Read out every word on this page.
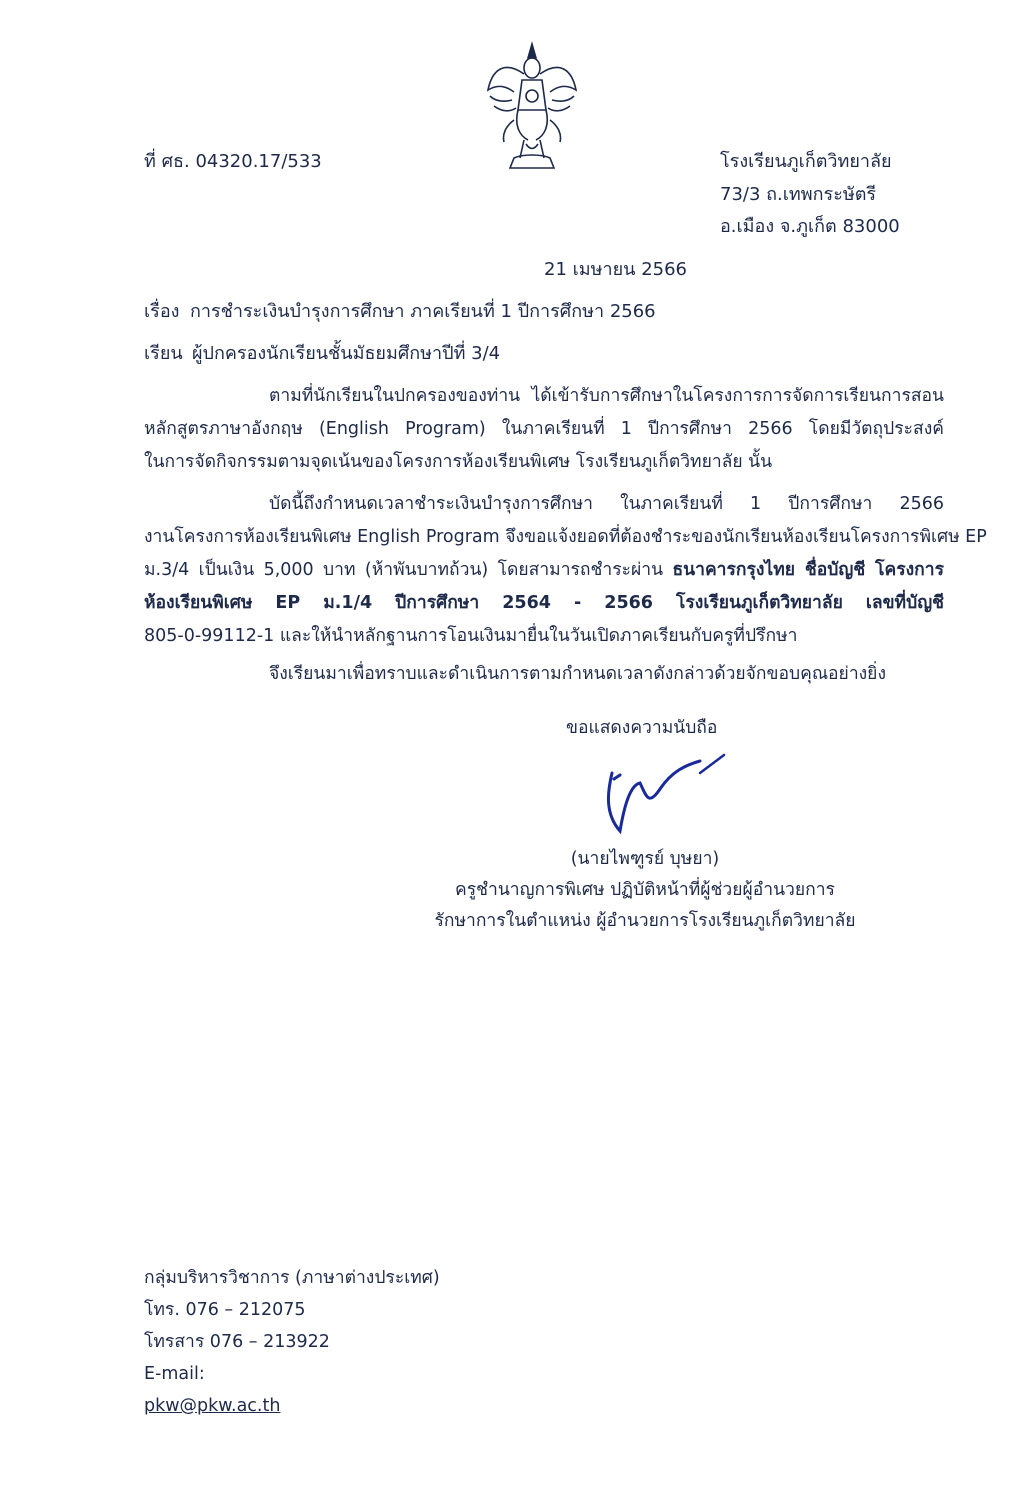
ที่ ศธ. 04320.17/533	โรงเรียนภูเก็ตวิทยาลัย
73/3 ถ.เทพกระษัตรี
อ.เมือง จ.ภูเก็ต 83000
21 เมษายน 2566
เรื่อง การชำระเงินบำรุงการศึกษา ภาคเรียนที่ 1 ปีการศึกษา 2566
เรียน ผู้ปกครองนักเรียนชั้นมัธยมศึกษาปีที่ 3/4
ตามที่นักเรียนในปกครองของท่าน ได้เข้ารับการศึกษาในโครงการการจัดการเรียนการสอน
หลักสูตรภาษาอังกฤษ (English Program) ในภาคเรียนที่ 1 ปีการศึกษา 2566 โดยมีวัตถุประสงค์
ในการจัดกิจกรรมตามจุดเน้นของโครงการห้องเรียนพิเศษ โรงเรียนภูเก็ตวิทยาลัย นั้น
บัดนี้ถึงกำหนดเวลาชำระเงินบำรุงการศึกษา ในภาคเรียนที่ 1 ปีการศึกษา 2566
งานโครงการห้องเรียนพิเศษ English Program จึงขอแจ้งยอดที่ต้องชำระของนักเรียนห้องเรียนโครงการพิเศษ EP
ม.3/4 เป็นเงิน 5,000 บาท (ห้าพันบาทถ้วน) โดยสามารถชำระผ่าน ธนาคารกรุงไทย ชื่อบัญชี โครงการ
ห้องเรียนพิเศษ EP ม.1/4 ปีการศึกษา 2564 - 2566 โรงเรียนภูเก็ตวิทยาลัย เลขที่บัญชี
805-0-99112-1 และให้นำหลักฐานการโอนเงินมายื่นในวันเปิดภาคเรียนกับครูที่ปรึกษา
จึงเรียนมาเพื่อทราบและดำเนินการตามกำหนดเวลาดังกล่าวด้วยจักขอบคุณอย่างยิ่ง
ขอแสดงความนับถือ
(นายไพฑูรย์ บุษยา)
ครูชำนาญการพิเศษ ปฏิบัติหน้าที่ผู้ช่วยผู้อำนวยการ
รักษาการในตำแหน่ง ผู้อำนวยการโรงเรียนภูเก็ตวิทยาลัย
กลุ่มบริหารวิชาการ (ภาษาต่างประเทศ)
โทร. 076 – 212075
โทรสาร 076 – 213922
E-mail:
pkw@pkw.ac.th
